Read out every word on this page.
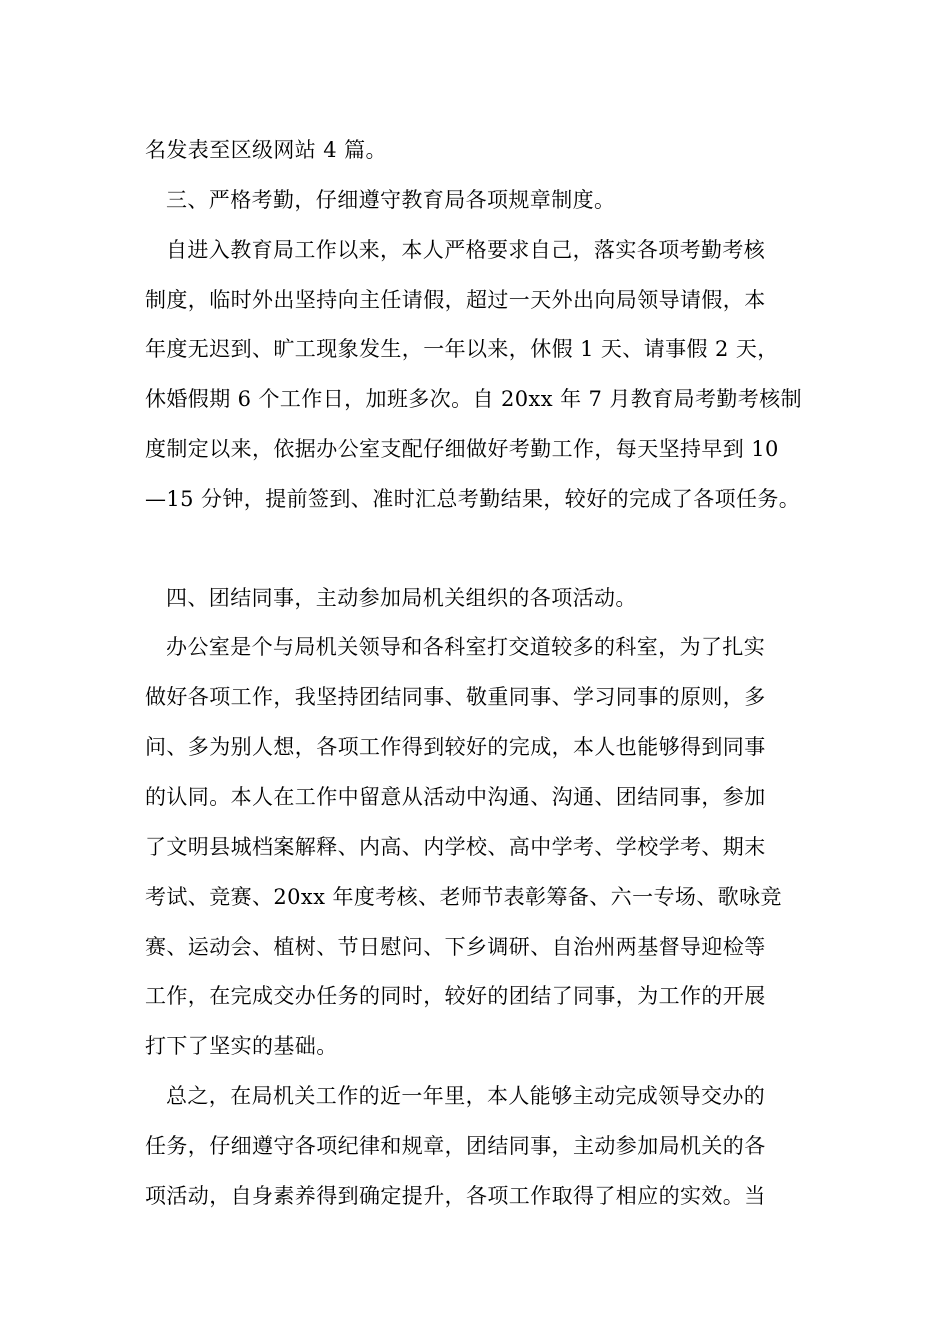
名发表至区级网站 4 篇。
三、严格考勤，仔细遵守教育局各项规章制度。
自进入教育局工作以来，本人严格要求自己，落实各项考勤考核
制度，临时外出坚持向主任请假，超过一天外出向局领导请假，本
年度无迟到、旷工现象发生，一年以来，休假 1 天、请事假 2 天，
休婚假期 6 个工作日，加班多次。自 20xx 年 7 月教育局考勤考核制
度制定以来，依据办公室支配仔细做好考勤工作，每天坚持早到 10
—15 分钟，提前签到、准时汇总考勤结果，较好的完成了各项任务。
四、团结同事，主动参加局机关组织的各项活动。
办公室是个与局机关领导和各科室打交道较多的科室，为了扎实
做好各项工作，我坚持团结同事、敬重同事、学习同事的原则，多
问、多为别人想，各项工作得到较好的完成，本人也能够得到同事
的认同。本人在工作中留意从活动中沟通、沟通、团结同事，参加
了文明县城档案解释、内高、内学校、高中学考、学校学考、期末
考试、竞赛、20xx 年度考核、老师节表彰筹备、六一专场、歌咏竞
赛、运动会、植树、节日慰问、下乡调研、自治州两基督导迎检等
工作，在完成交办任务的同时，较好的团结了同事，为工作的开展
打下了坚实的基础。
总之，在局机关工作的近一年里，本人能够主动完成领导交办的
任务，仔细遵守各项纪律和规章，团结同事，主动参加局机关的各
项活动，自身素养得到确定提升，各项工作取得了相应的实效。当
